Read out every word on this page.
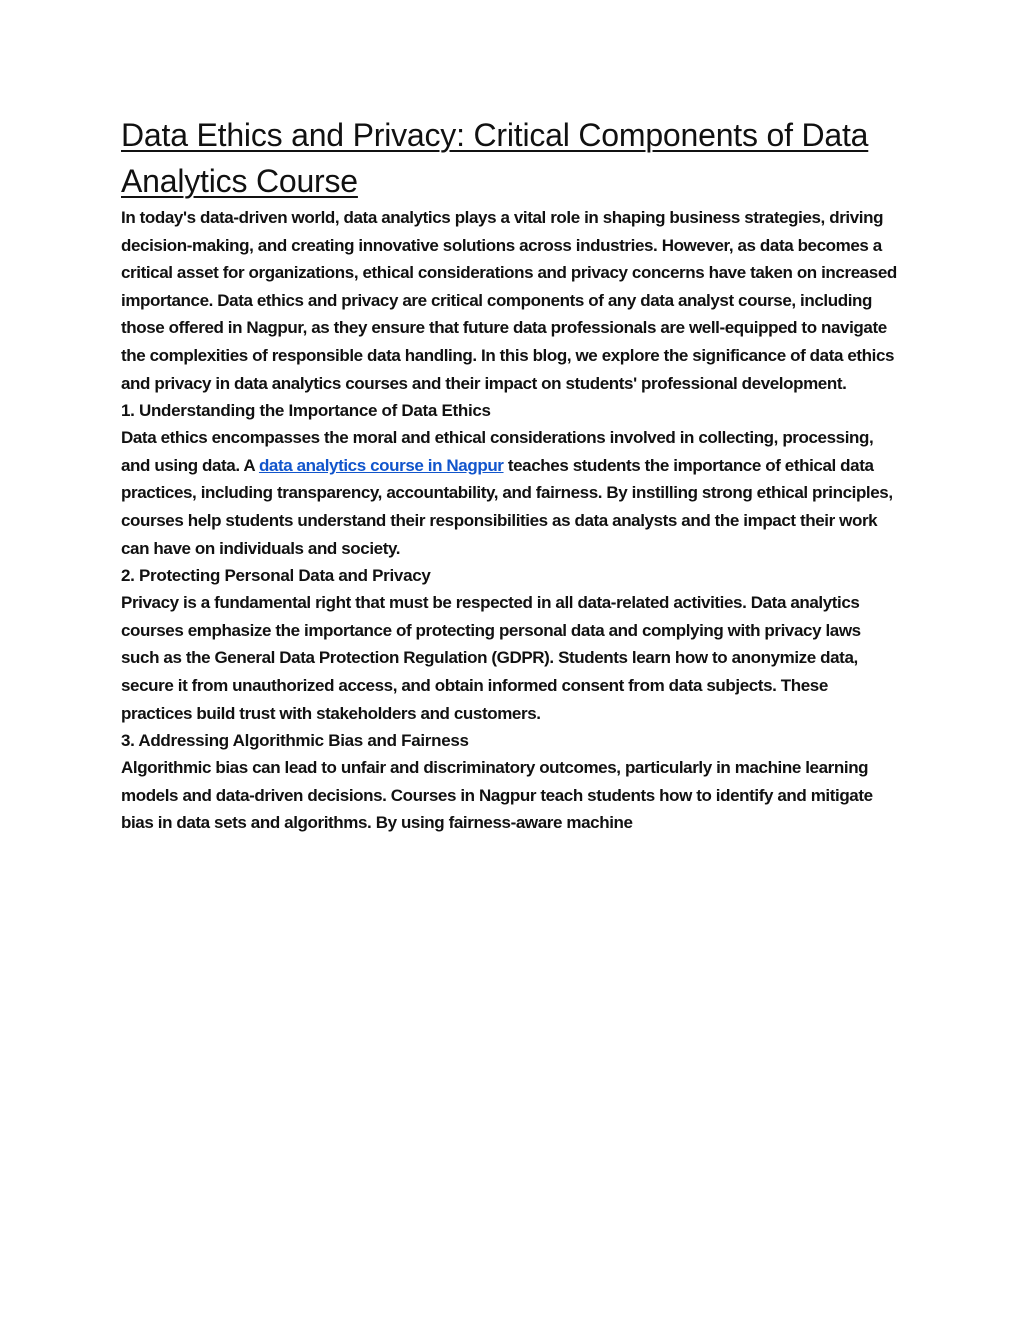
Data Ethics and Privacy: Critical Components of Data Analytics Course

In today's data-driven world, data analytics plays a vital role in shaping business strategies, driving decision-making, and creating innovative solutions across industries. However, as data becomes a critical asset for organizations, ethical considerations and privacy concerns have taken on increased importance. Data ethics and privacy are critical components of any data analyst course, including those offered in Nagpur, as they ensure that future data professionals are well-equipped to navigate the complexities of responsible data handling. In this blog, we explore the significance of data ethics and privacy in data analytics courses and their impact on students' professional development.

1. Understanding the Importance of Data Ethics

Data ethics encompasses the moral and ethical considerations involved in collecting, processing, and using data. A data analytics course in Nagpur teaches students the importance of ethical data practices, including transparency, accountability, and fairness. By instilling strong ethical principles, courses help students understand their responsibilities as data analysts and the impact their work can have on individuals and society.

2. Protecting Personal Data and Privacy

Privacy is a fundamental right that must be respected in all data-related activities. Data analytics courses emphasize the importance of protecting personal data and complying with privacy laws such as the General Data Protection Regulation (GDPR). Students learn how to anonymize data, secure it from unauthorized access, and obtain informed consent from data subjects. These practices build trust with stakeholders and customers.

3. Addressing Algorithmic Bias and Fairness

Algorithmic bias can lead to unfair and discriminatory outcomes, particularly in machine learning models and data-driven decisions. Courses in Nagpur teach students how to identify and mitigate bias in data sets and algorithms. By using fairness-aware machine
